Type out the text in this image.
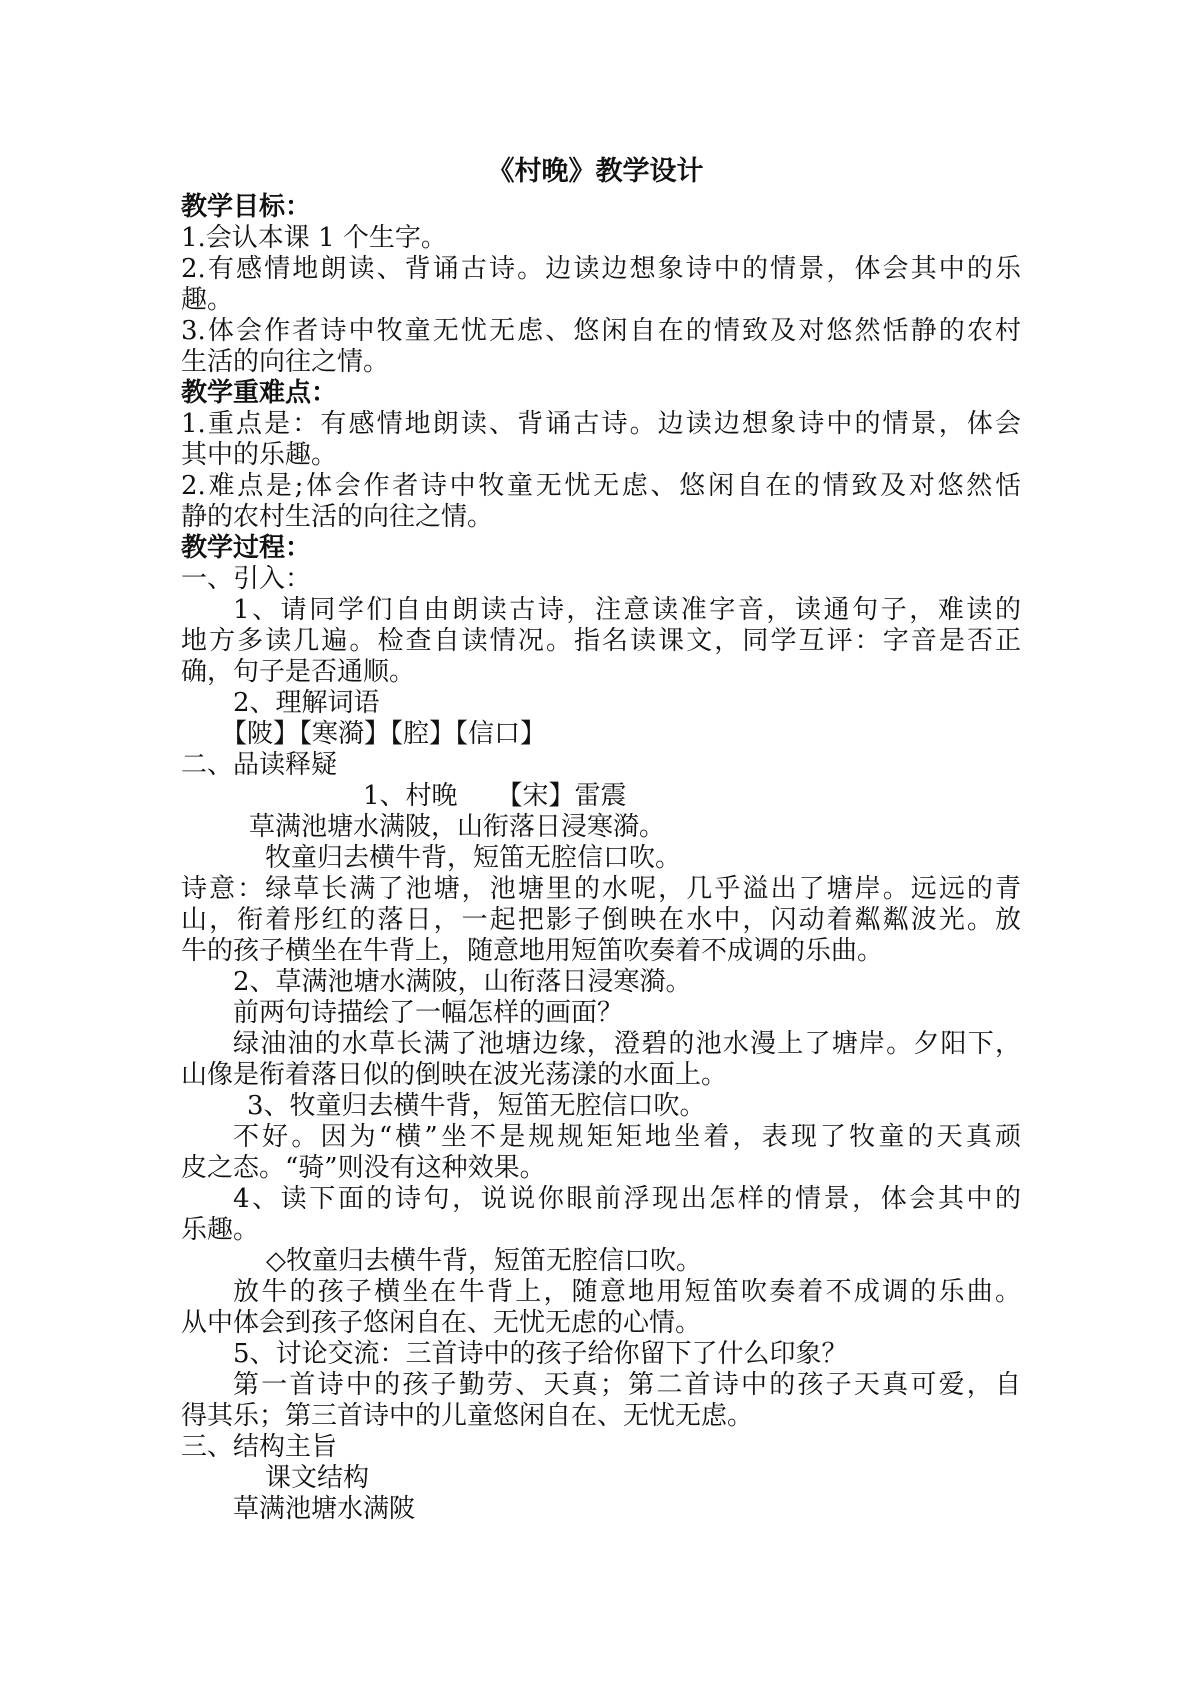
《村晚》教学设计

教学目标：

1.会认本课 1 个生字。

2.有感情地朗读、背诵古诗。边读边想象诗中的情景，体会其中的乐

趣。

3.体会作者诗中牧童无忧无虑、悠闲自在的情致及对悠然恬静的农村

生活的向往之情。

教学重难点：

1.重点是：有感情地朗读、背诵古诗。边读边想象诗中的情景，体会

其中的乐趣。

2.难点是;体会作者诗中牧童无忧无虑、悠闲自在的情致及对悠然恬

静的农村生活的向往之情。

教学过程：

一、引入：

1、请同学们自由朗读古诗，注意读准字音，读通句子，难读的

地方多读几遍。检查自读情况。指名读课文，同学互评：字音是否正

确，句子是否通顺。

2、理解词语

【陂】【寒漪】【腔】【信口】

二、品读释疑

1、村晚　　【宋】雷震

草满池塘水满陂，山衔落日浸寒漪。

牧童归去横牛背，短笛无腔信口吹。

诗意：绿草长满了池塘，池塘里的水呢，几乎溢出了塘岸。远远的青

山，衔着彤红的落日，一起把影子倒映在水中，闪动着粼粼波光。放

牛的孩子横坐在牛背上，随意地用短笛吹奏着不成调的乐曲。

2、草满池塘水满陂，山衔落日浸寒漪。

前两句诗描绘了一幅怎样的画面？

绿油油的水草长满了池塘边缘，澄碧的池水漫上了塘岸。夕阳下，

山像是衔着落日似的倒映在波光荡漾的水面上。

3、牧童归去横牛背，短笛无腔信口吹。

不好。因为“横”坐不是规规矩矩地坐着，表现了牧童的天真顽

皮之态。“骑”则没有这种效果。

4、读下面的诗句，说说你眼前浮现出怎样的情景，体会其中的

乐趣。

◇牧童归去横牛背，短笛无腔信口吹。

放牛的孩子横坐在牛背上，随意地用短笛吹奏着不成调的乐曲。

从中体会到孩子悠闲自在、无忧无虑的心情。

5、讨论交流：三首诗中的孩子给你留下了什么印象？

第一首诗中的孩子勤劳、天真；第二首诗中的孩子天真可爱，自

得其乐；第三首诗中的儿童悠闲自在、无忧无虑。

三、结构主旨

课文结构

草满池塘水满陂
